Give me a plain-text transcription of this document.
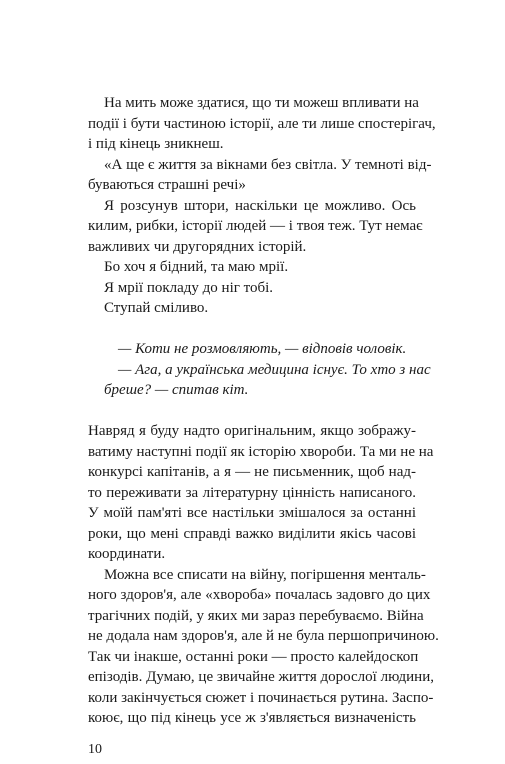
На мить може здатися, що ти можеш впливати на
події і бути частиною історії, але ти лише спостерігач,
і під кінець зникнеш.
«А ще є життя за вікнами без світла. У темноті від-
буваються страшні речі»
Я розсунув штори, наскільки це можливо. Ось
килим, рибки, історії людей — і твоя теж. Тут немає
важливих чи другорядних історій.
Бо хоч я бідний, та маю мрії.
Я мрії покладу до ніг тобі.
Ступай сміливо.
— Коти не розмовляють, — відповів чоловік.
— Ага, а українська медицина існує. То хто з нас
бреше? — спитав кіт.
Навряд я буду надто оригінальним, якщо зображу-
ватиму наступні події як історію хвороби. Та ми не на
конкурсі капітанів, а я — не письменник, щоб над-
то переживати за літературну цінність написаного.
У моїй пам'яті все настільки змішалося за останні
роки, що мені справді важко виділити якісь часові
координати.
Можна все списати на війну, погіршення менталь-
ного здоров'я, але «хвороба» почалась задовго до цих
трагічних подій, у яких ми зараз перебуваємо. Війна
не додала нам здоров'я, але й не була першопричиною.
Так чи інакше, останні роки — просто калейдоскоп
епізодів. Думаю, це звичайне життя дорослої людини,
коли закінчується сюжет і починається рутина. Заспо-
коює, що під кінець усе ж з'являється визначеність
10
